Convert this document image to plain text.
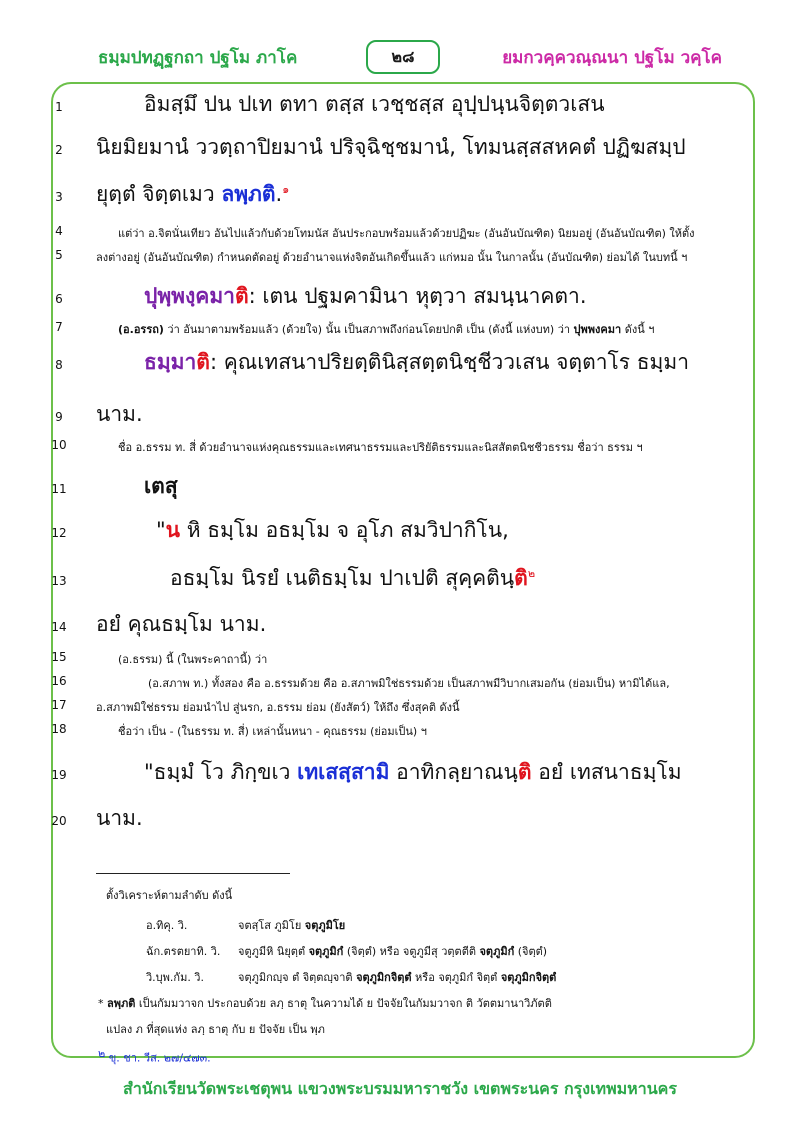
ธมฺมปทฏฺฐกถา ปฐโม ภาโค	๒๘	ยมกวคฺควณฺณนา ปฐโม วคฺโค
1	อิมสฺมึ ปน ปเท ตทา ตสฺส เวชฺชสฺส อุปฺปนฺนจิตฺตวเสน
2	นิยมิยมานํ ววตฺถาปิยมานํ ปริจฺฉิชฺชมานํ, โทมนสฺสสหคตํ ปฏิฆสมฺป
3	ยุตฺตํ จิตฺตเมว ลพฺภติ.$^๑$
4	แต่ว่า อ.จิตนั่นเทียว อันไปแล้วกับด้วยโทมนัส อันประกอบพร้อมแล้วด้วยปฏิฆะ (อันอันบัณฑิต) นิยมอยู่ (อันอันบัณฑิต) ให้ตั้ง
5	ลงต่างอยู่ (อันอันบัณฑิต) กำหนดตัดอยู่ ด้วยอำนาจแห่งจิตอันเกิดขึ้นแล้ว แก่หมอ นั้น ในกาลนั้น (อันบัณฑิต) ย่อมได้ ในบทนี้ ฯ
6	ปุพฺพงฺคมาติ: เตน ปฐมคามินา หุตฺวา สมนฺนาคตา.
7	(อ.อรรถ) ว่า อันมาตามพร้อมแล้ว (ด้วยใจ) นั้น เป็นสภาพถึงก่อนโดยปกติ เป็น (ดังนี้ แห่งบท) ว่า ปุพพงคมา ดังนี้ ฯ
8	ธมฺมาติ: คุณเทสนาปริยตฺตินิสฺสตฺตนิชฺชีววเสน จตฺตาโร ธมฺมา
9	นาม.
10	ชื่อ อ.ธรรม ท. สี่ ด้วยอำนาจแห่งคุณธรรมและเทศนาธรรมและปริยัติธรรมและนิสสัตตนิชชีวธรรม ชื่อว่า ธรรม ฯ
11	เตสุ
12	"น หิ ธมฺโม อธมฺโม จ อุโภ สมวิปากิโน,
13	อธมฺโม นิรยํ เนติธมฺโม ปาเปติ สุคฺคตินฺติ$^๒$
14	อยํ คุณธมฺโม นาม.
15	(อ.ธรรม) นี้ (ในพระคาถานี้) ว่า
16	(อ.สภาพ ท.) ทั้งสอง คือ อ.ธรรมด้วย คือ อ.สภาพมิใช่ธรรมด้วย เป็นสภาพมีวิบากเสมอกัน (ย่อมเป็น) หามิได้แล,
17	อ.สภาพมิใช่ธรรม ย่อมนำไป สู่นรก, อ.ธรรม ย่อม (ยังสัตว์) ให้ถึง ซึ่งสุคติ ดังนี้
18	ชื่อว่า เป็น - (ในธรรม ท. สี่) เหล่านั้นหนา - คุณธรรม (ย่อมเป็น) ฯ
19	"ธมฺมํ โว ภิกฺขเว เทเสสฺสามิ อาทิกลฺยาณนฺติ อยํ เทสนาธมฺโม
20	นาม.
ตั้งวิเคราะห์ตามลำดับ ดังนี้
อ.ทิคุ. วิ.	จตสฺโส ภูมิโย จตุภูมิโย
ฉัก.ตรตยาทิ. วิ. จตูภูมีหิ นิยุตฺตํ จตุภูมิกํ (จิตฺตํ) หรือ จตูภูมีสุ วตฺตตีติ จตุภูมิกํ (จิตฺตํ)
วิ.บุพ.กัม. วิ.	จตุภูมิกญฺจ ตํ จิตฺตญฺจาติ จตุภูมิกจิตฺตํ หรือ จตุภูมิกํ จิตฺตํ จตุภูมิกจิตฺตํ
* ลพฺภติ เป็นกัมมวาจก ประกอบด้วย ลภฺ ธาตุ ในความได้ ย ปัจจัยในกัมมวาจก ติ วัตตมานาวิภัตติ
แปลง ภ ที่สุดแห่ง ลภฺ ธาตุ กับ ย ปัจจัย เป็น พฺภ
๒ ขุ. ชา. วีส. ๒๗/๔๗๓.
สำนักเรียนวัดพระเชตุพน แขวงพระบรมมหาราชวัง เขตพระนคร กรุงเทพมหานคร
